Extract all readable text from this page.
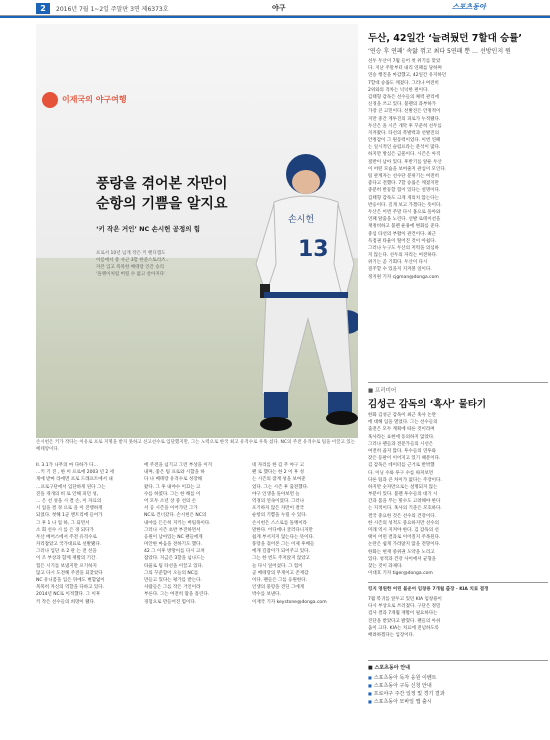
2	2016년 7월 1~2일 주말판 3면 제6373호	야구	스포츠동아
13
손시헌
이재국의 야구여행
풍랑을 겪어본 자만이
순항의 기쁨을 알지요
‘키 작은 거인’ NC 손시헌 공정의 힘
프로서 10년 넘게 작은 키 핸디캡도
이름에서 총 사근 3할 한준스토리즈..
자본 입고 묵묵한 베테랑 인간 승리
‘돌멩이처럼 버릴 수 없고 살아지다’
손시헌은 키가 작다는 이유로 프로 지명을 받지 못하고 신고선수로 입단했지만, 그는 노력으로 한국 최고 유격수로 우뚝 섰다. NC의 주전 유격수로 팀을 이끌고 있는 베테랑이다.

II. 3.1가 나무의 마 다하가 다...

…키 기 진 , 한 이 프로에 2003 년 2 세

게에 받마 라에면 프로 드래프트에서 내

…프로구단에서 입단하게 된다 그는

진돌 개개의 비 로 인해 피던 성,

… 은 선 성을 시 결 손, 이 자료의

시 업을 결 경 으로 을 이 진행하게

되었다. 첫해 1군 엔트리에 들어가

그 후 1 나 업 하, 그 되면서

소 회 선수 시 를 은 경 되다가

두산 베어스에서 주전 유격수로

자리잡았고 국가대표로 선발됐다.

그러나 입단 초 2 관 는 전 선을

이 조 부상과 함께 재활의 기간.

힘든 시기를 보냈지만 포기하지

않고 다시 도전해 주전을 되찾았다

NC 유니폼을 입은 뒤에도 변함없이

묵묵히 자신의 역할을 다하고 있다.

2014년 NC로 이적했다. 그 이후

키 작은 선수들의 희망이 됐다.

에 주전을 넘기고 그런 부상을 이겨

내며, 좋은 팀 프로와 시합을 하

다 나 베테랑 유격수로 성장해

왔다. 그 후 내야수 이끄는 고

수를 하였다. 그는 한 해를 이

어 모두 소년 상 중 선의 손

서 공 시즌을 이어가던 그가

NC로 건너갔다. 손시헌은 NC의

내야를 든든히 지키는 버팀목이다.

그러나 시즌 초반 부진하면서

응원이 남아있는 NC 팬들에게

미안한 마음을 전하기도 했다.

42 그 이후 방망이를 다시 고쳐

잡았다. 지금은 3할을 넘나드는

타율로 팀 타선을 이끌고 있다.

그의 꾸준함이 오늘의 NC를

만들고 있다는 평가를 받는다.

사람들은 그를 작은 거인이라

부른다. 그는 여전히 땀을 흘린다.

경험으로 만들어진 힘이다.

네 자리를 한 김 주 야구 고

팬 로 했다는 한 2 이 후 성

는 시즌의 잠재 성을 보여준

었다. 그는 시즌 후 출전했다.

야구 인생을 돌아보면 늘

역경의 연속이었다. 그러나

포기하지 않은 자만이 결국

순항의 기쁨을 누릴 수 있다.

손시헌은 스스로를 돌멩이라

말한다. 어디에나 굴러다니지만

쉽게 부서지지 않는다는 뜻이다.

풍랑을 겪어본 그는 이제 후배들

에게 길잡이가 되어주고 있다.

그는 한 번도 주저앉지 않았고

늘 다시 일어섰다. 그 힘이

곧 베테랑의 무게이고 존재감

이다. 팬들은 그를 응원한다.

인생의 풍랑을 견딘 그에게

박수를 보낸다.

이재국 기자 keystone@donga.com

두산, 42일간 ‘늘려뒀던 7할대 승률’
‘연승 후 연패’ 속앓 꺾고 최다 5연패 뿐 … 선방인지 뭔

선두 두산이 7월 들어 첫 위기를 맞았

다. 지난 주말부터 내리 연패를 당하며

연승 행진을 마감했고, 42일간 유지하던

7할대 승률도 깨졌다. 그러나 여전히

2위와의 격차는 넉넉한 편이다.

김태형 감독은 선수들의 체력 관리에

신경을 쓰고 있다. 불펜의 과부하가

가장 큰 고민이다. 선발진은 안정적이

지만 중간 계투진의 피로가 누적됐다.

두산은 올 시즌 개막 후 꾸준히 선두를

지켜왔다. 타선의 폭발력과 선발진의

안정감이 그 원동력이었다. 이번 연패

는 일시적인 슬럼프라는 분석이 많다.

하지만 방심은 금물이다. 시즌은 아직

절반이 남아 있다. 후반기를 앞둔 두산

이 어떤 모습을 보여줄지 관심이 모인다.

팀 관계자는 선수단 분위기는 여전히

좋다고 전했다. 7할 승률은 깨졌지만

충분히 반등할 힘이 있다는 설명이다.

김태형 감독도 크게 개의치 않는다는

반응이다. 길게 보고 가겠다는 뜻이다.

두산은 이번 주말 다시 홈으로 돌아와

연패 탈출을 노린다. 선발 로테이션을

재정비하고 불펜 운용에 변화를 준다.

중심 타선의 부활이 관건이다. 최근

득점권 타율이 떨어진 것이 아쉽다.

그러나 누구도 두산의 저력을 의심하

지 않는다. 선두의 자리는 여전하다.

위기는 곧 기회다. 두산이 다시

질주할 수 있을지 지켜볼 일이다.

정지원 기자 cjgman@donga.com

■ 프리미어
김성근 감독의 ‘혹사’ 물타기

한화 김성근 감독이 최근 혹사 논란

에 대해 입을 열었다. 그는 선수들의

출전은 모두 계획에 따른 것이라며

혹사라는 표현에 동의하지 않았다.

그러나 팬들과 전문가들의 시선은

여전히 곱지 않다. 투수들의 연투와

잦은 등판이 이어지고 있기 때문이다.

김 감독은 데이터를 근거로 반박했

다. 이닝 수와 투구 수를 따져보면

다른 팀과 큰 차이가 없다는 주장이다.

하지만 숫자만으로는 설명되지 않는

부분이 있다. 불펜 투수들의 대기 시

간과 몸을 푸는 횟수도 고려해야 한다

는 지적이다. 혹사의 기준은 모호하다.

결국 중요한 것은 선수의 건강이다.

한 시즌의 성적도 중요하지만 선수의

미래 역시 지켜야 한다. 김 감독의 선

택이 어떤 결과로 이어질지 주목된다.

논란은 쉽게 가라앉지 않을 전망이다.

한화는 현재 중위권 도약을 노리고

있다. 성적과 건강 사이에서 균형을

찾는 것이 과제다.

이대호 기자 tiger@donga.com

킹지 영원한 어린 불운아 임창용 7개월 출장 · KIA 치료 결정

7월 복귀를 앞두고 있던 KIA 임창용이

다시 부상으로 쓰러졌다. 구단은 정밀

검사 결과 7개월 재활이 필요하다는

진단을 받았다고 밝혔다. 팬들의 아쉬

움이 크다. KIA는 치료에 전념하도록

배려하겠다는 입장이다.

■ 스포츠동아 안내
■ 스포츠동아 독자 응원 이벤트
■ 스포츠동아 구독 신청 안내
■ 프로야구 주간 일정 및 경기 결과
■ 스포츠동아 모바일 앱 출시
